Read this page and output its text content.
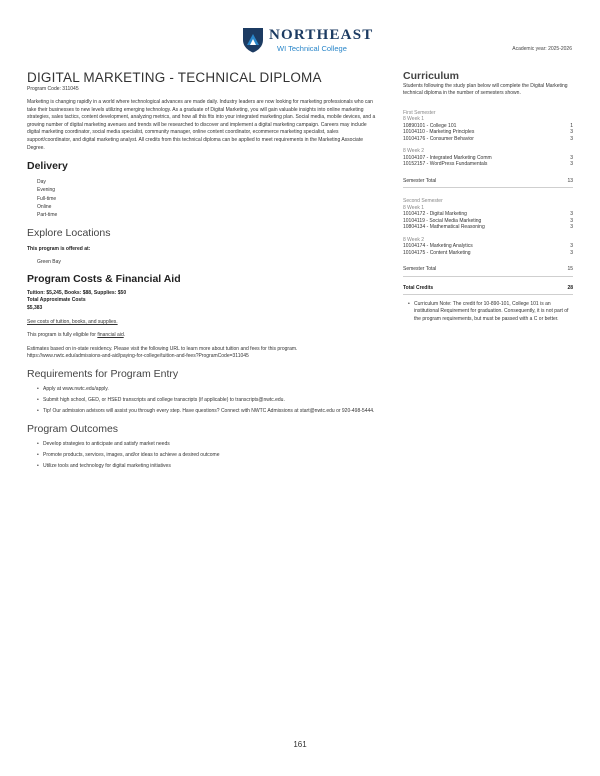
NORTHEAST
WI Technical College	Academic year: 2025-2026
DIGITAL MARKETING - TECHNICAL DIPLOMA
Program Code: 311045

Marketing is changing rapidly in a world where technological advances are made daily. Industry leaders are now looking for marketing professionals who can take their businesses to new levels utilizing emerging technology. As a graduate of Digital Marketing, you will gain valuable insights into online marketing strategies, sales tactics, content development, analyzing metrics, and how all this fits into your integrated marketing plan. Social media, mobile devices, and a growing number of digital marketing avenues and trends will be researched to discover and implement a digital marketing campaign. Careers may include digital marketing coordinator, social media specialist, community manager, online content coordinator, ecommerce marketing specialist, sales support/coordinator, and digital marketing analyst. All credits from this technical diploma can be applied to meet requirements in the Marketing Associate Degree.

Delivery
Day
Evening
Full-time
Online
Part-time
Explore Locations
This program is offered at:
Green Bay
Program Costs & Financial Aid
Tuition: $5,245, Books: $88, Supplies: $50
Total Approximate Costs
$5,383
See costs of tuition, books, and supplies.

This program is fully eligible for financial aid.

Estimates based on in-state residency. Please visit the following URL to learn more about tuition and fees for this program.
https://www.nwtc.edu/admissions-and-aid/paying-for-college/tuition-and-fees?ProgramCode=311045

Requirements for Program Entry
• Apply at www.nwtc.edu/apply.
• Submit high school, GED, or HSED transcripts and college transcripts (if applicable) to transcripts@nwtc.edu.
• Tip! Our admission advisors will assist you through every step. Have questions? Connect with NWTC Admissions at start@nwtc.edu or 920-498-5444.
Program Outcomes
• Develop strategies to anticipate and satisfy market needs
• Promote products, services, images, and/or ideas to achieve a desired outcome
• Utilize tools and technology for digital marketing initiatives
Curriculum

Students following the study plan below will complete the Digital Marketing technical diploma in the number of semesters shown.

First Semester
8 Week 1
10890101 - College 101	1
10104110 - Marketing Principles	3
10104176 - Consumer Behavior	3
8 Week 2
10104107 - Integrated Marketing Comm	3
10152157 - WordPress Fundamentals	3
Semester Total	13
Second Semester
8 Week 1
10104172 - Digital Marketing	3
10104119 - Social Media Marketing	3
10804134 - Mathematical Reasoning	3
8 Week 2
10104174 - Marketing Analytics	3
10104175 - Content Marketing	3
Semester Total	15
Total Credits	28
• Curriculum Note: The credit for 10-890-101, College 101 is an institutional Requirement for graduation. Consequently, it is not part of the program requirements, but must be passed with a C or better.
161
